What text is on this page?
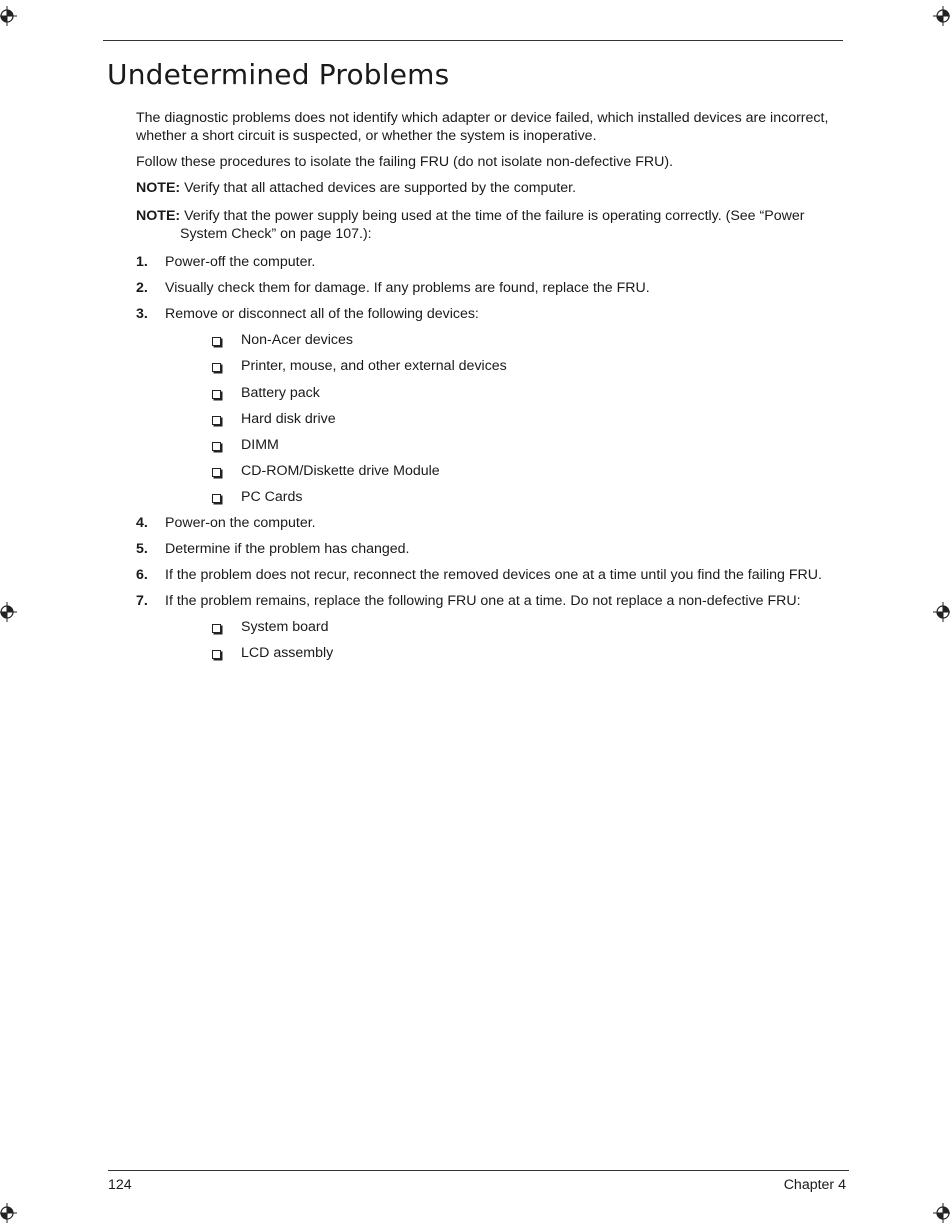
Undetermined Problems

The diagnostic problems does not identify which adapter or device failed, which installed devices are incorrect, whether a short circuit is suspected, or whether the system is inoperative.

Follow these procedures to isolate the failing FRU (do not isolate non-defective FRU).

NOTE: Verify that all attached devices are supported by the computer.

NOTE: Verify that the power supply being used at the time of the failure is operating correctly. (See “Power System Check” on page 107.):

1. Power-off the computer.
2. Visually check them for damage. If any problems are found, replace the FRU.
3. Remove or disconnect all of the following devices:
Non-Acer devices
Printer, mouse, and other external devices
Battery pack
Hard disk drive
DIMM
CD-ROM/Diskette drive Module
PC Cards
4. Power-on the computer.
5. Determine if the problem has changed.
6. If the problem does not recur, reconnect the removed devices one at a time until you find the failing FRU.
7. If the problem remains, replace the following FRU one at a time. Do not replace a non-defective FRU:
System board
LCD assembly
124	Chapter 4
